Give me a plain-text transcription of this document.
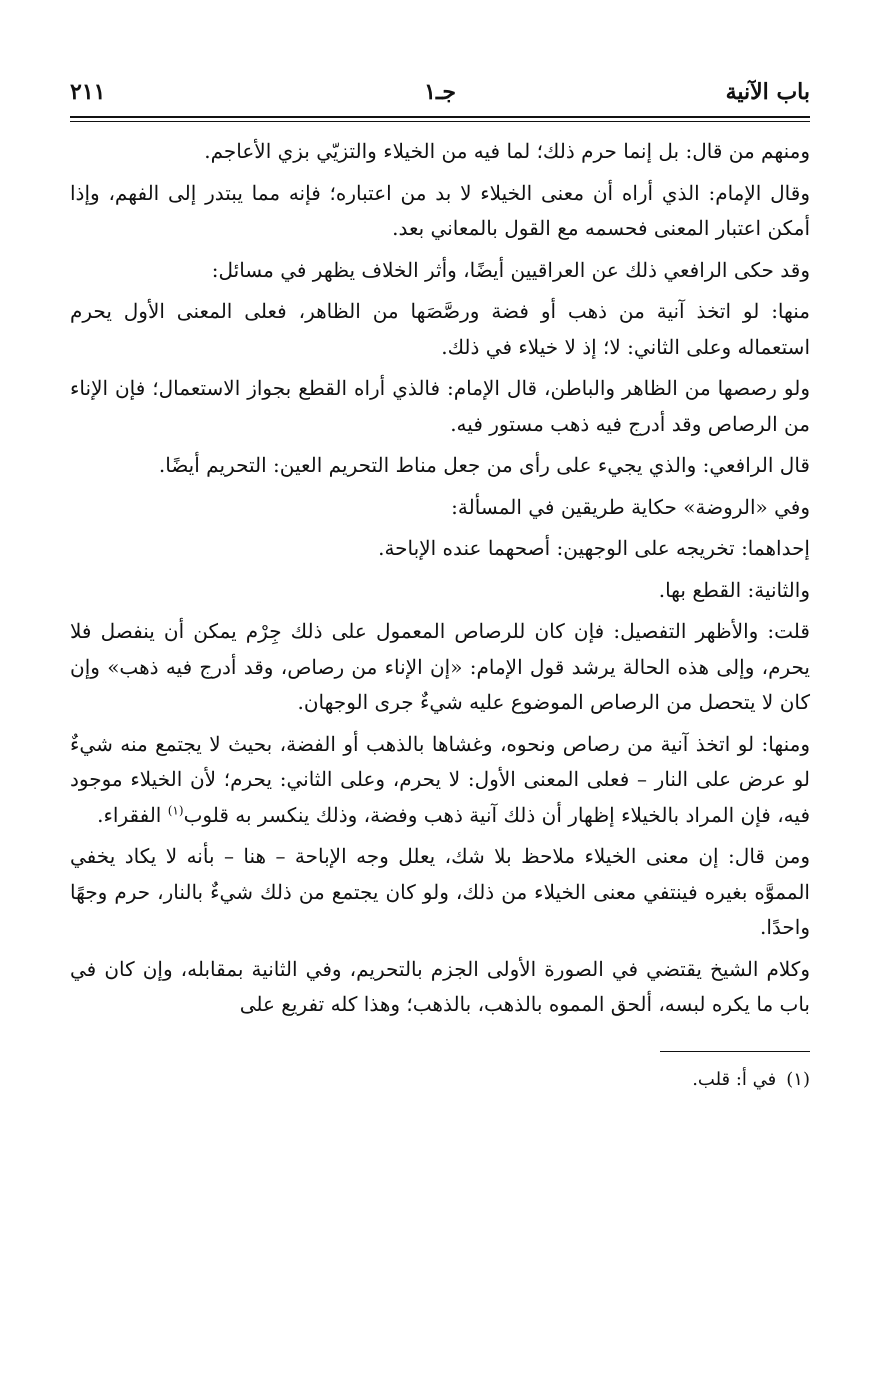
باب الآنية
جـ١
٢١١

ومنهم من قال: بل إنما حرم ذلك؛ لما فيه من الخيلاء والتزيّي بزي الأعاجم.

وقال الإمام: الذي أراه أن معنى الخيلاء لا بد من اعتباره؛ فإنه مما يبتدر إلى الفهم، وإذا أمكن اعتبار المعنى فحسمه مع القول بالمعاني بعد.

وقد حكى الرافعي ذلك عن العراقيين أيضًا، وأثر الخلاف يظهر في مسائل:

منها: لو اتخذ آنية من ذهب أو فضة ورصَّصَها من الظاهر، فعلى المعنى الأول يحرم استعماله وعلى الثاني: لا؛ إذ لا خيلاء في ذلك.

ولو رصصها من الظاهر والباطن، قال الإمام: فالذي أراه القطع بجواز الاستعمال؛ فإن الإناء من الرصاص وقد أدرج فيه ذهب مستور فيه.

قال الرافعي: والذي يجيء على رأى من جعل مناط التحريم العين: التحريم أيضًا.

وفي «الروضة» حكاية طريقين في المسألة:

إحداهما: تخريجه على الوجهين: أصحهما عنده الإباحة.

والثانية: القطع بها.

قلت: والأظهر التفصيل: فإن كان للرصاص المعمول على ذلك جِرْم يمكن أن ينفصل فلا يحرم، وإلى هذه الحالة يرشد قول الإمام: «إن الإناء من رصاص، وقد أدرج فيه ذهب» وإن كان لا يتحصل من الرصاص الموضوع عليه شيءٌ جرى الوجهان.

ومنها: لو اتخذ آنية من رصاص ونحوه، وغشاها بالذهب أو الفضة، بحيث لا يجتمع منه شيءٌ لو عرض على النار – فعلى المعنى الأول: لا يحرم، وعلى الثاني: يحرم؛ لأن الخيلاء موجود فيه، فإن المراد بالخيلاء إظهار أن ذلك آنية ذهب وفضة، وذلك ينكسر به قلوب$^{(١)}$ الفقراء.

ومن قال: إن معنى الخيلاء ملاحظ بلا شك، يعلل وجه الإباحة – هنا – بأنه لا يكاد يخفي المموَّه بغيره فينتفي معنى الخيلاء من ذلك، ولو كان يجتمع من ذلك شيءٌ بالنار، حرم وجهًا واحدًا.

وكلام الشيخ يقتضي في الصورة الأولى الجزم بالتحريم، وفي الثانية بمقابله، وإن كان في باب ما يكره لبسه، ألحق المموه بالذهب، بالذهب؛ وهذا كله تفريع على

(١)في أ: قلب.
